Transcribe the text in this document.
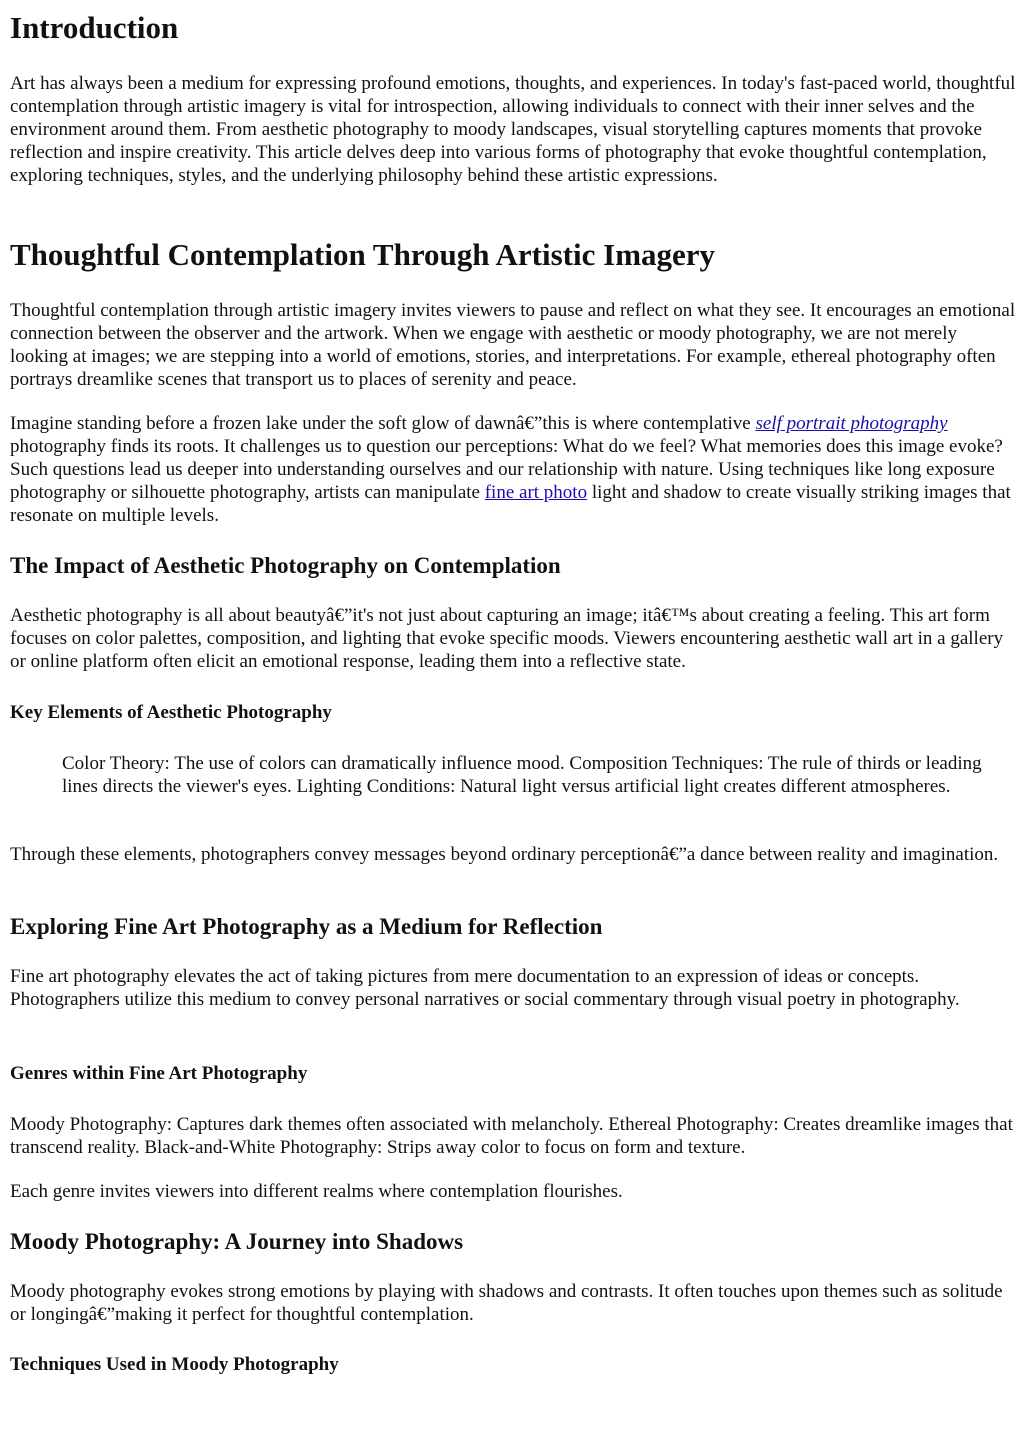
Introduction

Art has always been a medium for expressing profound emotions, thoughts, and experiences. In today's fast-paced world, thoughtful contemplation through artistic imagery is vital for introspection, allowing individuals to connect with their inner selves and the environment around them. From aesthetic photography to moody landscapes, visual storytelling captures moments that provoke reflection and inspire creativity. This article delves deep into various forms of photography that evoke thoughtful contemplation, exploring techniques, styles, and the underlying philosophy behind these artistic expressions.

Thoughtful Contemplation Through Artistic Imagery

Thoughtful contemplation through artistic imagery invites viewers to pause and reflect on what they see. It encourages an emotional connection between the observer and the artwork. When we engage with aesthetic or moody photography, we are not merely looking at images; we are stepping into a world of emotions, stories, and interpretations. For example, ethereal photography often portrays dreamlike scenes that transport us to places of serenity and peace.

Imagine standing before a frozen lake under the soft glow of dawnâ€”this is where contemplative self portrait photography photography finds its roots. It challenges us to question our perceptions: What do we feel? What memories does this image evoke? Such questions lead us deeper into understanding ourselves and our relationship with nature. Using techniques like long exposure photography or silhouette photography, artists can manipulate fine art photo light and shadow to create visually striking images that resonate on multiple levels.

The Impact of Aesthetic Photography on Contemplation

Aesthetic photography is all about beautyâ€”it's not just about capturing an image; itâ€™s about creating a feeling. This art form focuses on color palettes, composition, and lighting that evoke specific moods. Viewers encountering aesthetic wall art in a gallery or online platform often elicit an emotional response, leading them into a reflective state.

Key Elements of Aesthetic Photography

Color Theory: The use of colors can dramatically influence mood. Composition Techniques: The rule of thirds or leading lines directs the viewer's eyes. Lighting Conditions: Natural light versus artificial light creates different atmospheres.

Through these elements, photographers convey messages beyond ordinary perceptionâ€”a dance between reality and imagination.

Exploring Fine Art Photography as a Medium for Reflection

Fine art photography elevates the act of taking pictures from mere documentation to an expression of ideas or concepts. Photographers utilize this medium to convey personal narratives or social commentary through visual poetry in photography.

Genres within Fine Art Photography

Moody Photography: Captures dark themes often associated with melancholy. Ethereal Photography: Creates dreamlike images that transcend reality. Black-and-White Photography: Strips away color to focus on form and texture.

Each genre invites viewers into different realms where contemplation flourishes.

Moody Photography: A Journey into Shadows

Moody photography evokes strong emotions by playing with shadows and contrasts. It often touches upon themes such as solitude or longingâ€”making it perfect for thoughtful contemplation.

Techniques Used in Moody Photography
